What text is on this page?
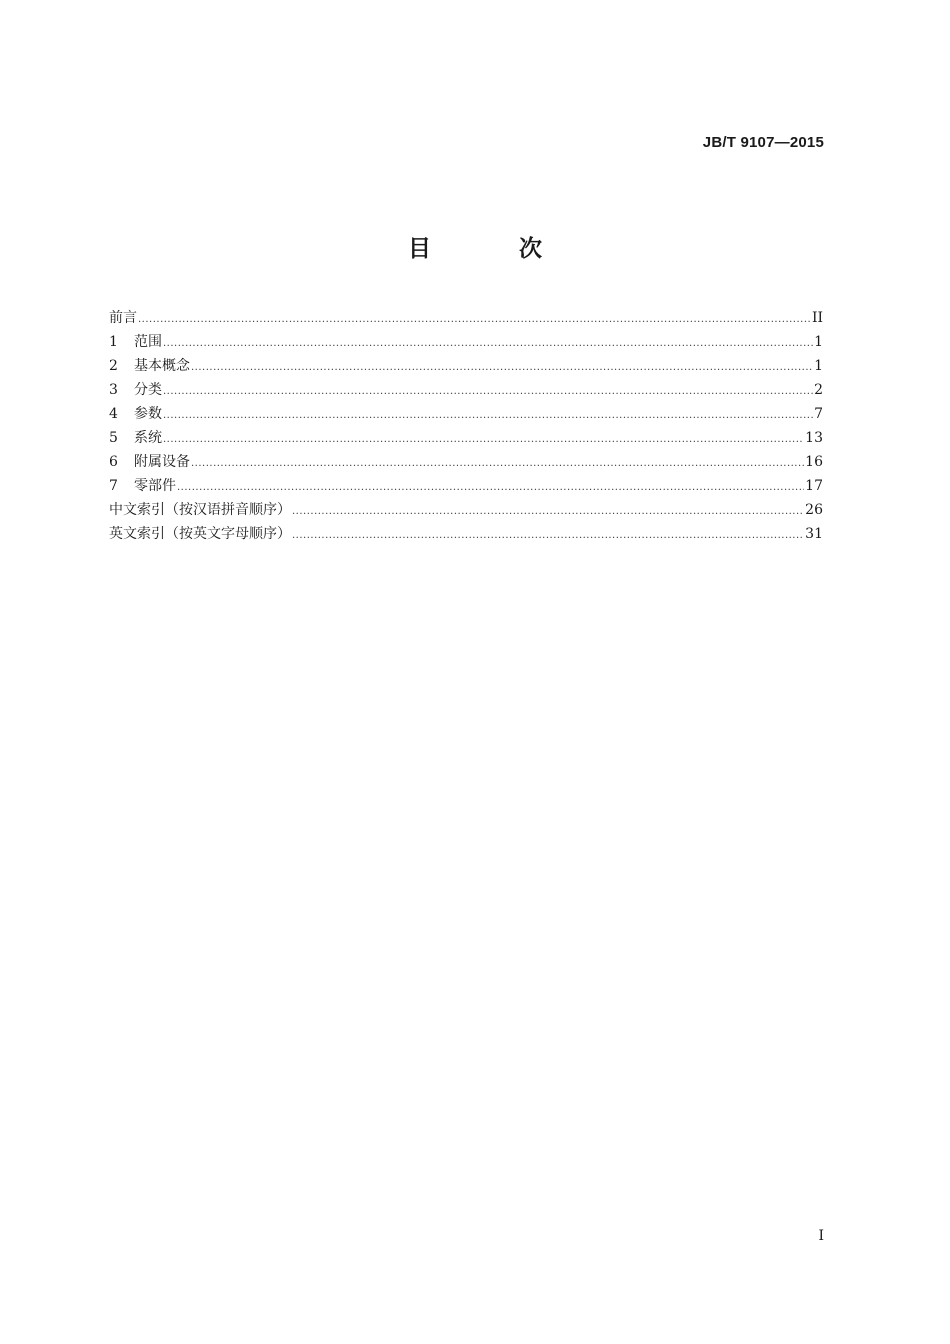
JB/T 9107—2015
目 次
前言 .....	II
1	范围 .....	1
2	基本概念 .....	1
3	分类 .....	2
4	参数 .....	7
5	系统 .....	13
6	附属设备 .....	16
7	零部件 .....	17
中文索引（按汉语拼音顺序） .....	26
英文索引（按英文字母顺序） .....	31
I
